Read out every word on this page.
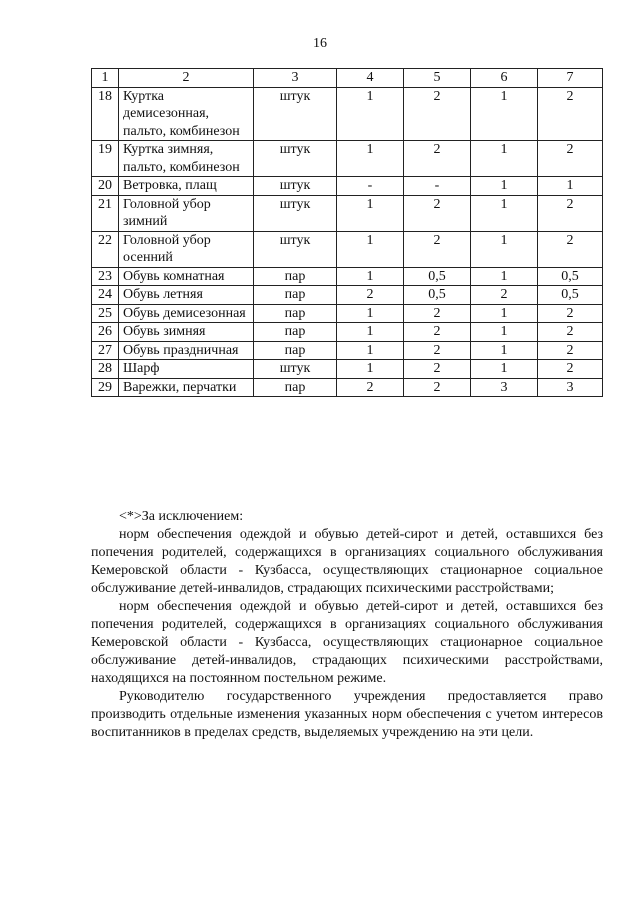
16
1	2	3	4	5	6	7
18	Куртка демисезонная, пальто, комбинезон	штук	1	2	1	2
19	Куртка зимняя, пальто, комбинезон	штук	1	2	1	2
20	Ветровка, плащ	штук	-	-	1	1
21	Головной убор зимний	штук	1	2	1	2
22	Головной убор осенний	штук	1	2	1	2
23	Обувь комнатная	пар	1	0,5	1	0,5
24	Обувь летняя	пар	2	0,5	2	0,5
25	Обувь демисезонная	пар	1	2	1	2
26	Обувь зимняя	пар	1	2	1	2
27	Обувь праздничная	пар	1	2	1	2
28	Шарф	штук	1	2	1	2
29	Варежки, перчатки	пар	2	2	3	3

<*>За исключением:

норм обеспечения одеждой и обувью детей-сирот и детей, оставшихся без попечения родителей, содержащихся в организациях социального обслуживания Кемеровской области - Кузбасса, осуществляющих стационарное социальное обслуживание детей-инвалидов, страдающих психическими расстройствами;

норм обеспечения одеждой и обувью детей-сирот и детей, оставшихся без попечения родителей, содержащихся в организациях социального обслуживания Кемеровской области - Кузбасса, осуществляющих стационарное социальное обслуживание детей-инвалидов, страдающих психическими расстройствами, находящихся на постоянном постельном режиме.

Руководителю государственного учреждения предоставляется право производить отдельные изменения указанных норм обеспечения с учетом интересов воспитанников в пределах средств, выделяемых учреждению на эти цели.
